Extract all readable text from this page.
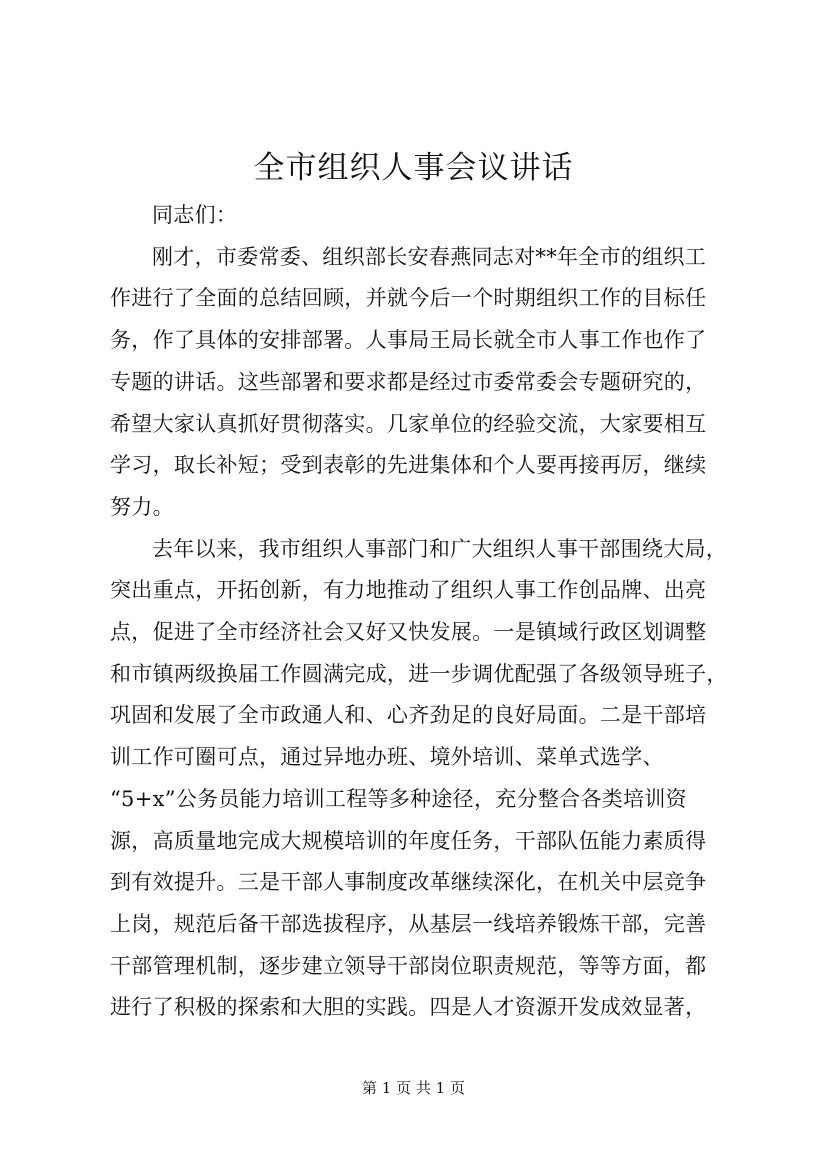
全市组织人事会议讲话

同志们：

刚才，市委常委、组织部长安春燕同志对**年全市的组织工
作进行了全面的总结回顾，并就今后一个时期组织工作的目标任
务，作了具体的安排部署。人事局王局长就全市人事工作也作了
专题的讲话。这些部署和要求都是经过市委常委会专题研究的，
希望大家认真抓好贯彻落实。几家单位的经验交流，大家要相互
学习，取长补短；受到表彰的先进集体和个人要再接再厉，继续
努力。

去年以来，我市组织人事部门和广大组织人事干部围绕大局，
突出重点，开拓创新，有力地推动了组织人事工作创品牌、出亮
点，促进了全市经济社会又好又快发展。一是镇域行政区划调整
和市镇两级换届工作圆满完成，进一步调优配强了各级领导班子，
巩固和发展了全市政通人和、心齐劲足的良好局面。二是干部培
训工作可圈可点，通过异地办班、境外培训、菜单式选学、
“5+x”公务员能力培训工程等多种途径，充分整合各类培训资
源，高质量地完成大规模培训的年度任务，干部队伍能力素质得
到有效提升。三是干部人事制度改革继续深化，在机关中层竞争
上岗，规范后备干部选拔程序，从基层一线培养锻炼干部，完善
干部管理机制，逐步建立领导干部岗位职责规范，等等方面，都
进行了积极的探索和大胆的实践。四是人才资源开发成效显著，

第 1 页 共 1 页
